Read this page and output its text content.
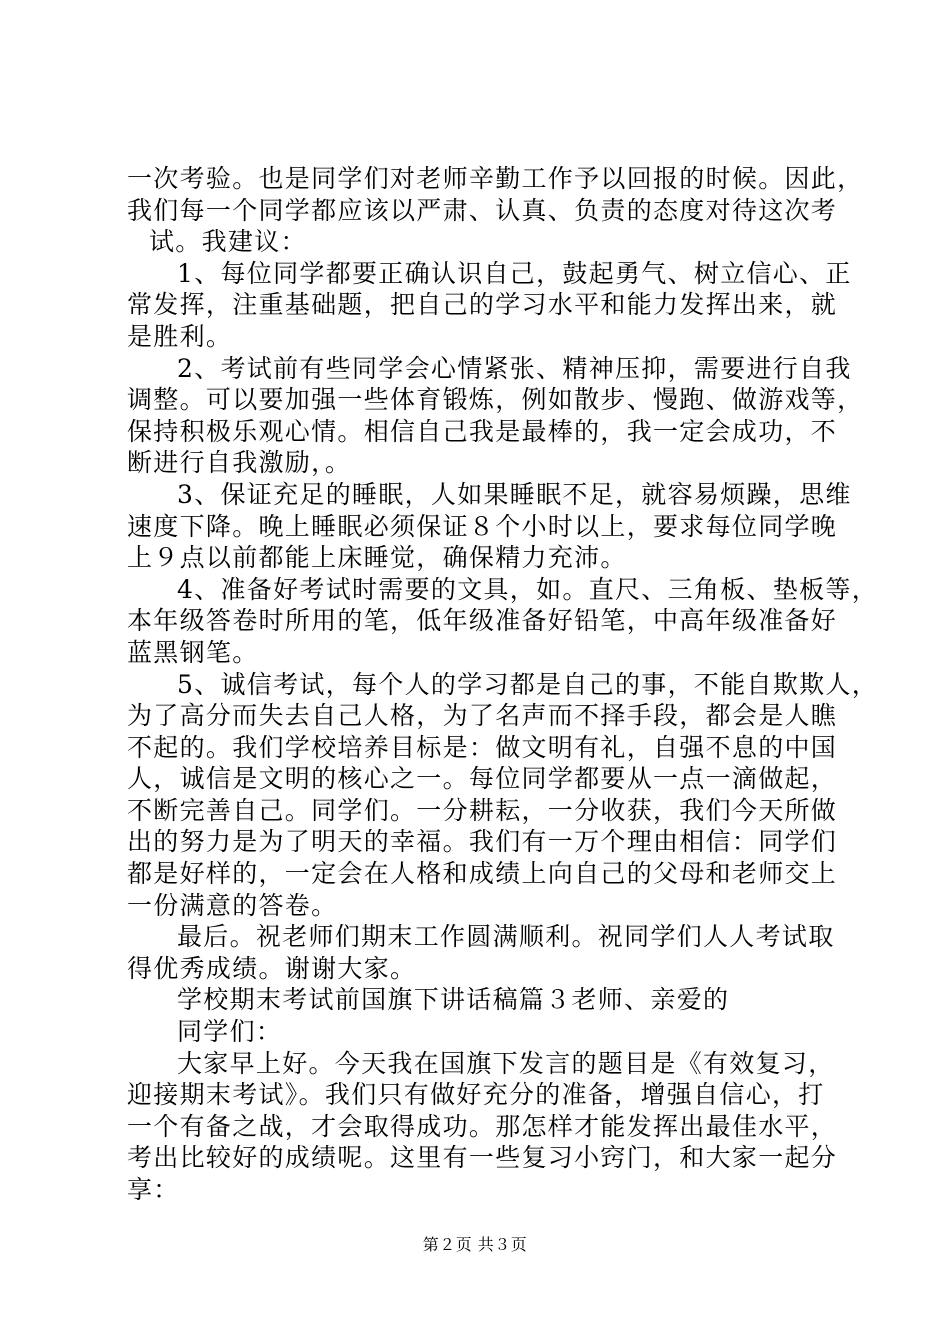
一次考验。也是同学们对老师辛勤工作予以回报的时候。因此，
我们每一个同学都应该以严肃、认真、负责的态度对待这次考
试。我建议：
1、每位同学都要正确认识自己，鼓起勇气、树立信心、正
常发挥，注重基础题，把自己的学习水平和能力发挥出来，就
是胜利。
2、考试前有些同学会心情紧张、精神压抑，需要进行自我
调整。可以要加强一些体育锻炼，例如散步、慢跑、做游戏等，
保持积极乐观心情。相信自己我是最棒的，我一定会成功，不
断进行自我激励，。
3、保证充足的睡眠，人如果睡眠不足，就容易烦躁，思维
速度下降。晚上睡眠必须保证８个小时以上，要求每位同学晚
上９点以前都能上床睡觉，确保精力充沛。
4、准备好考试时需要的文具，如。直尺、三角板、垫板等，
本年级答卷时所用的笔，低年级准备好铅笔，中高年级准备好
蓝黑钢笔。
5、诚信考试，每个人的学习都是自己的事，不能自欺欺人，
为了高分而失去自己人格，为了名声而不择手段，都会是人瞧
不起的。我们学校培养目标是：做文明有礼，自强不息的中国
人，诚信是文明的核心之一。每位同学都要从一点一滴做起，
不断完善自己。同学们。一分耕耘，一分收获，我们今天所做
出的努力是为了明天的幸福。我们有一万个理由相信：同学们
都是好样的，一定会在人格和成绩上向自己的父母和老师交上
一份满意的答卷。
最后。祝老师们期末工作圆满顺利。祝同学们人人考试取
得优秀成绩。谢谢大家。
学校期末考试前国旗下讲话稿篇３老师、亲爱的
同学们：
大家早上好。今天我在国旗下发言的题目是《有效复习，
迎接期末考试》。我们只有做好充分的准备，增强自信心，打
一个有备之战，才会取得成功。那怎样才能发挥出最佳水平，
考出比较好的成绩呢。这里有一些复习小窍门，和大家一起分
享：
第２页 共３页
